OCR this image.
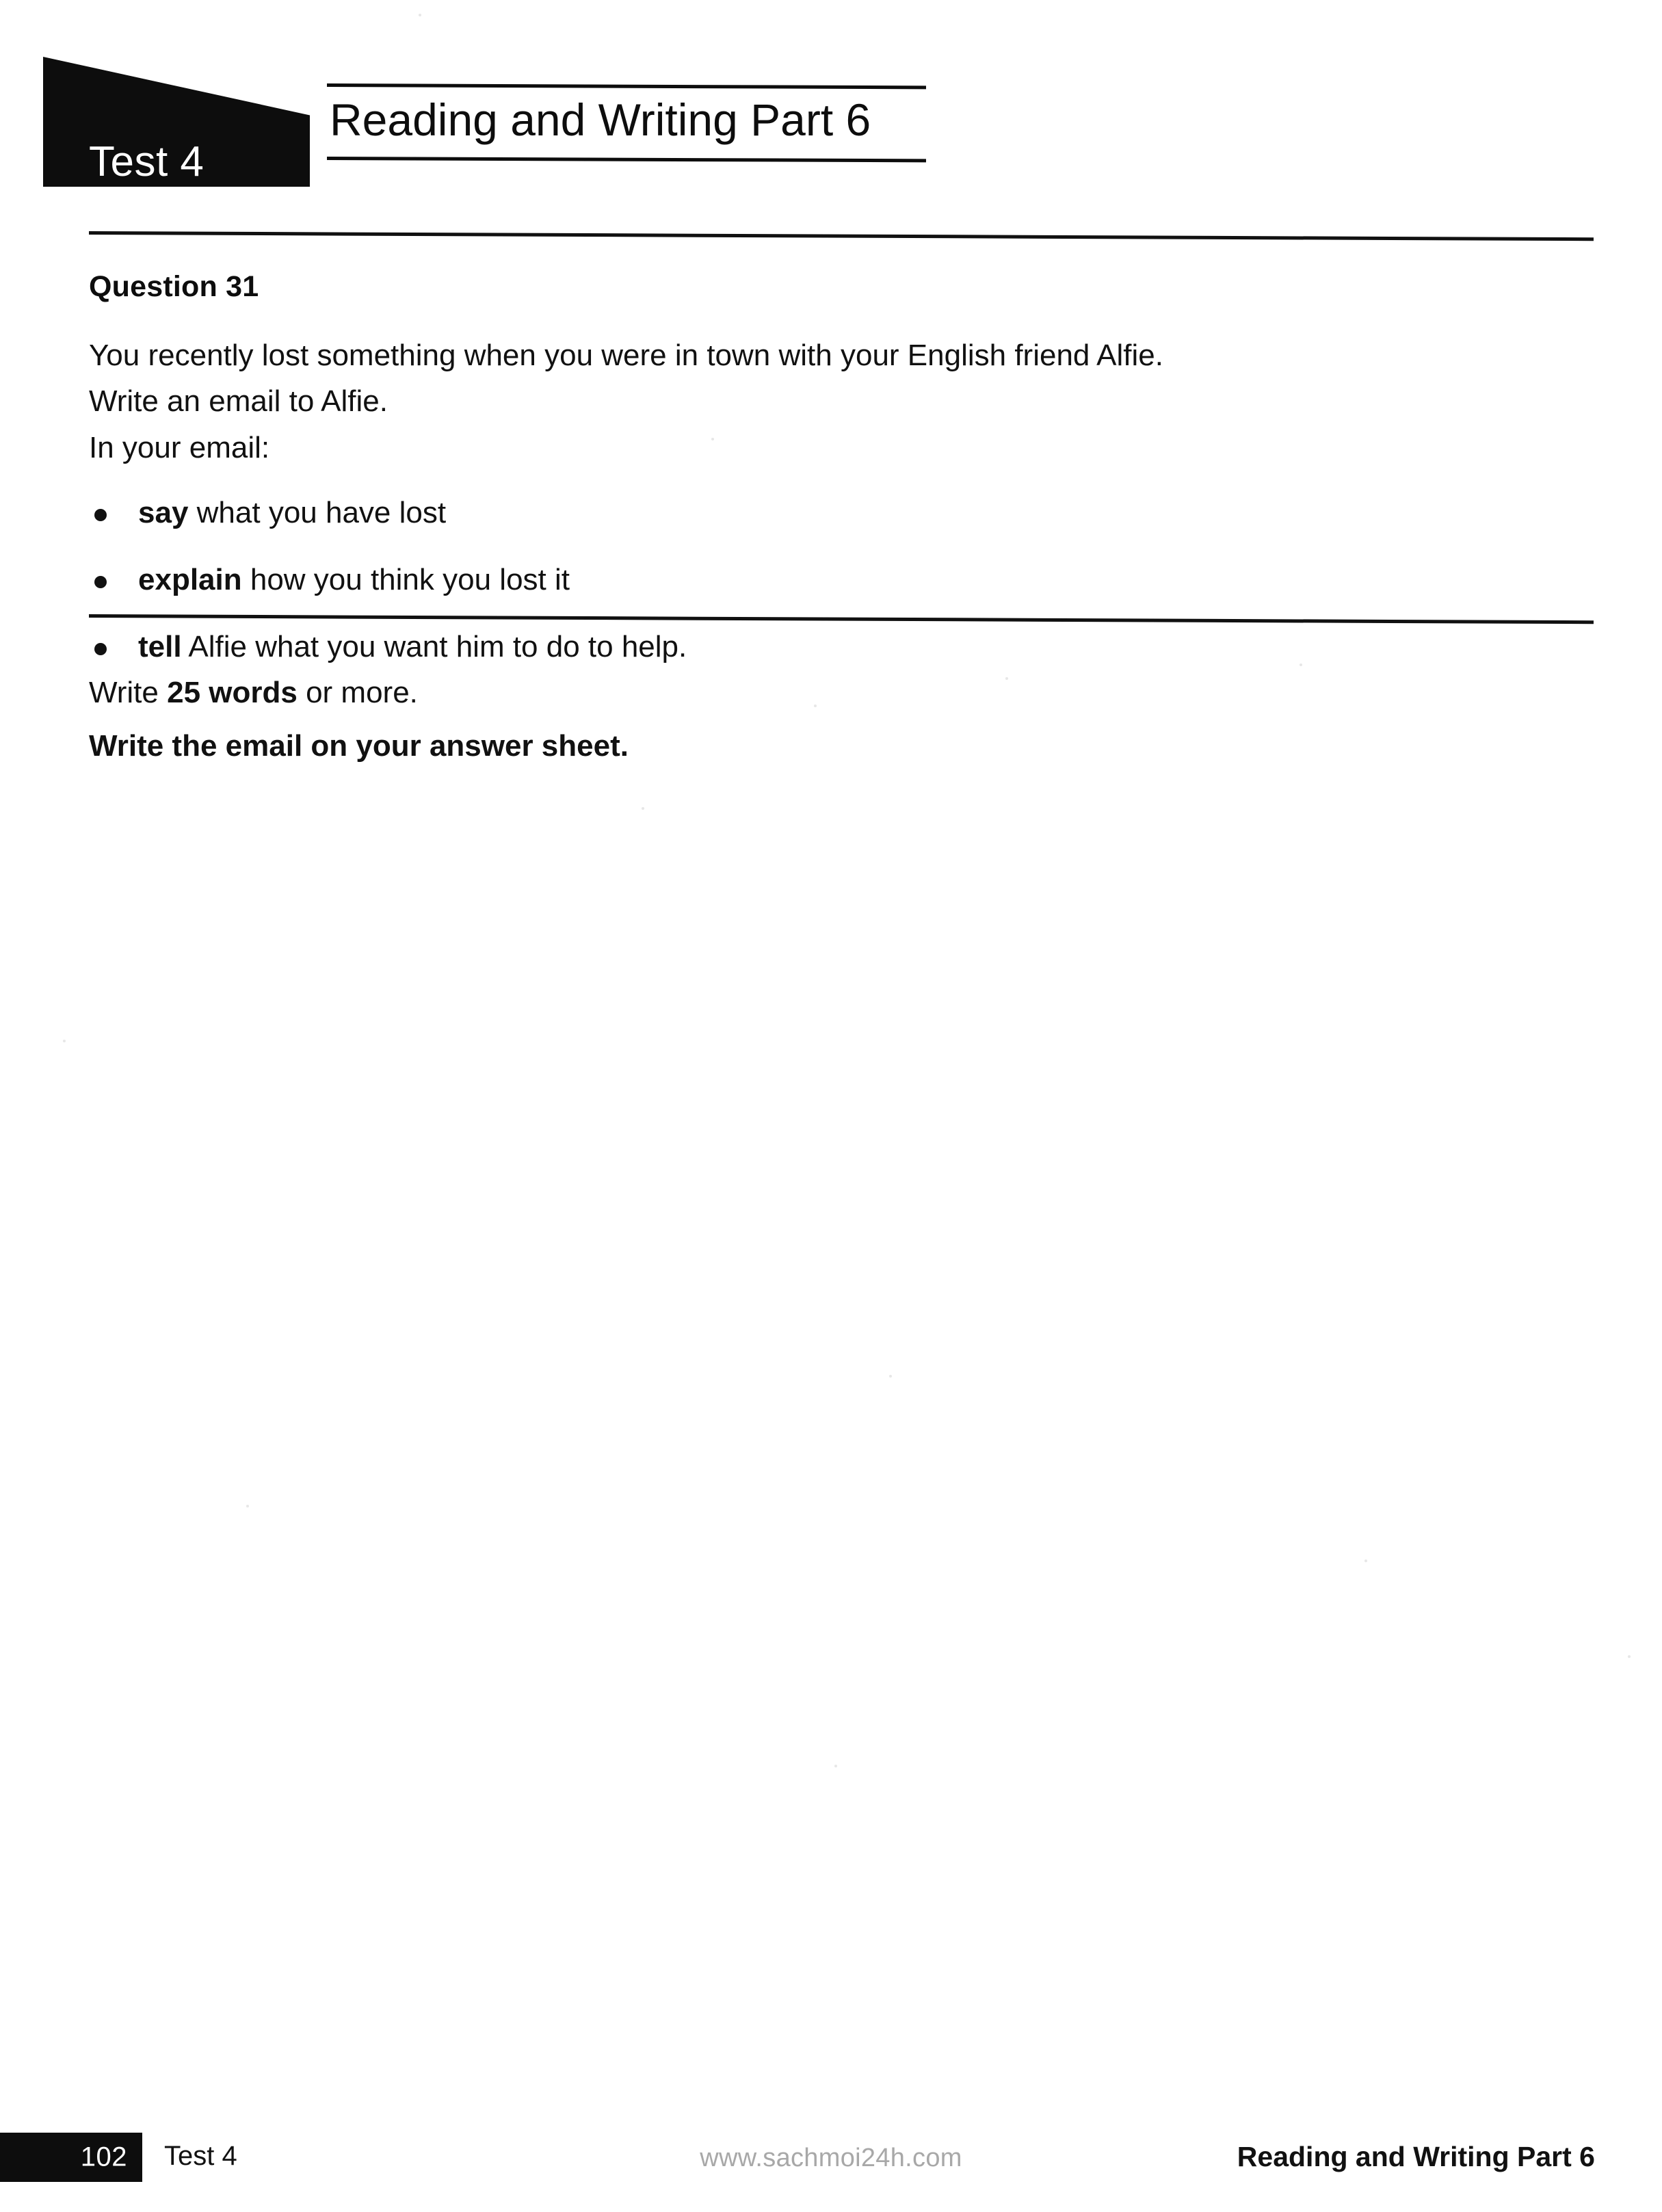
Test 4
Reading and Writing Part 6
Question 31

You recently lost something when you were in town with your English friend Alfie.

Write an email to Alfie.

In your email:

say what you have lost
explain how you think you lost it
tell Alfie what you want him to do to help.
Write 25 words or more.
Write the email on your answer sheet.
102 Test 4	www.sachmoi24h.com	Reading and Writing Part 6
